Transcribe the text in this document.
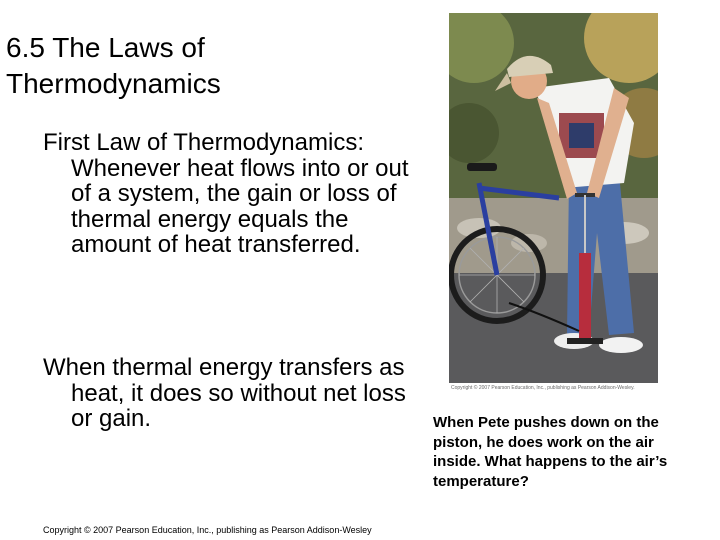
6.5 The Laws of Thermodynamics
First Law of Thermodynamics: Whenever heat flows into or out of a system, the gain or loss of thermal energy equals the amount of heat transferred.
When thermal energy transfers as heat, it does so without net loss or gain.
Copyright © 2007 Pearson Education, Inc., publishing as Pearson Addison-Wesley.
When Pete pushes down on the piston, he does work on the air inside. What happens to the air’s temperature?
Copyright © 2007 Pearson Education, Inc., publishing as Pearson Addison-Wesley
